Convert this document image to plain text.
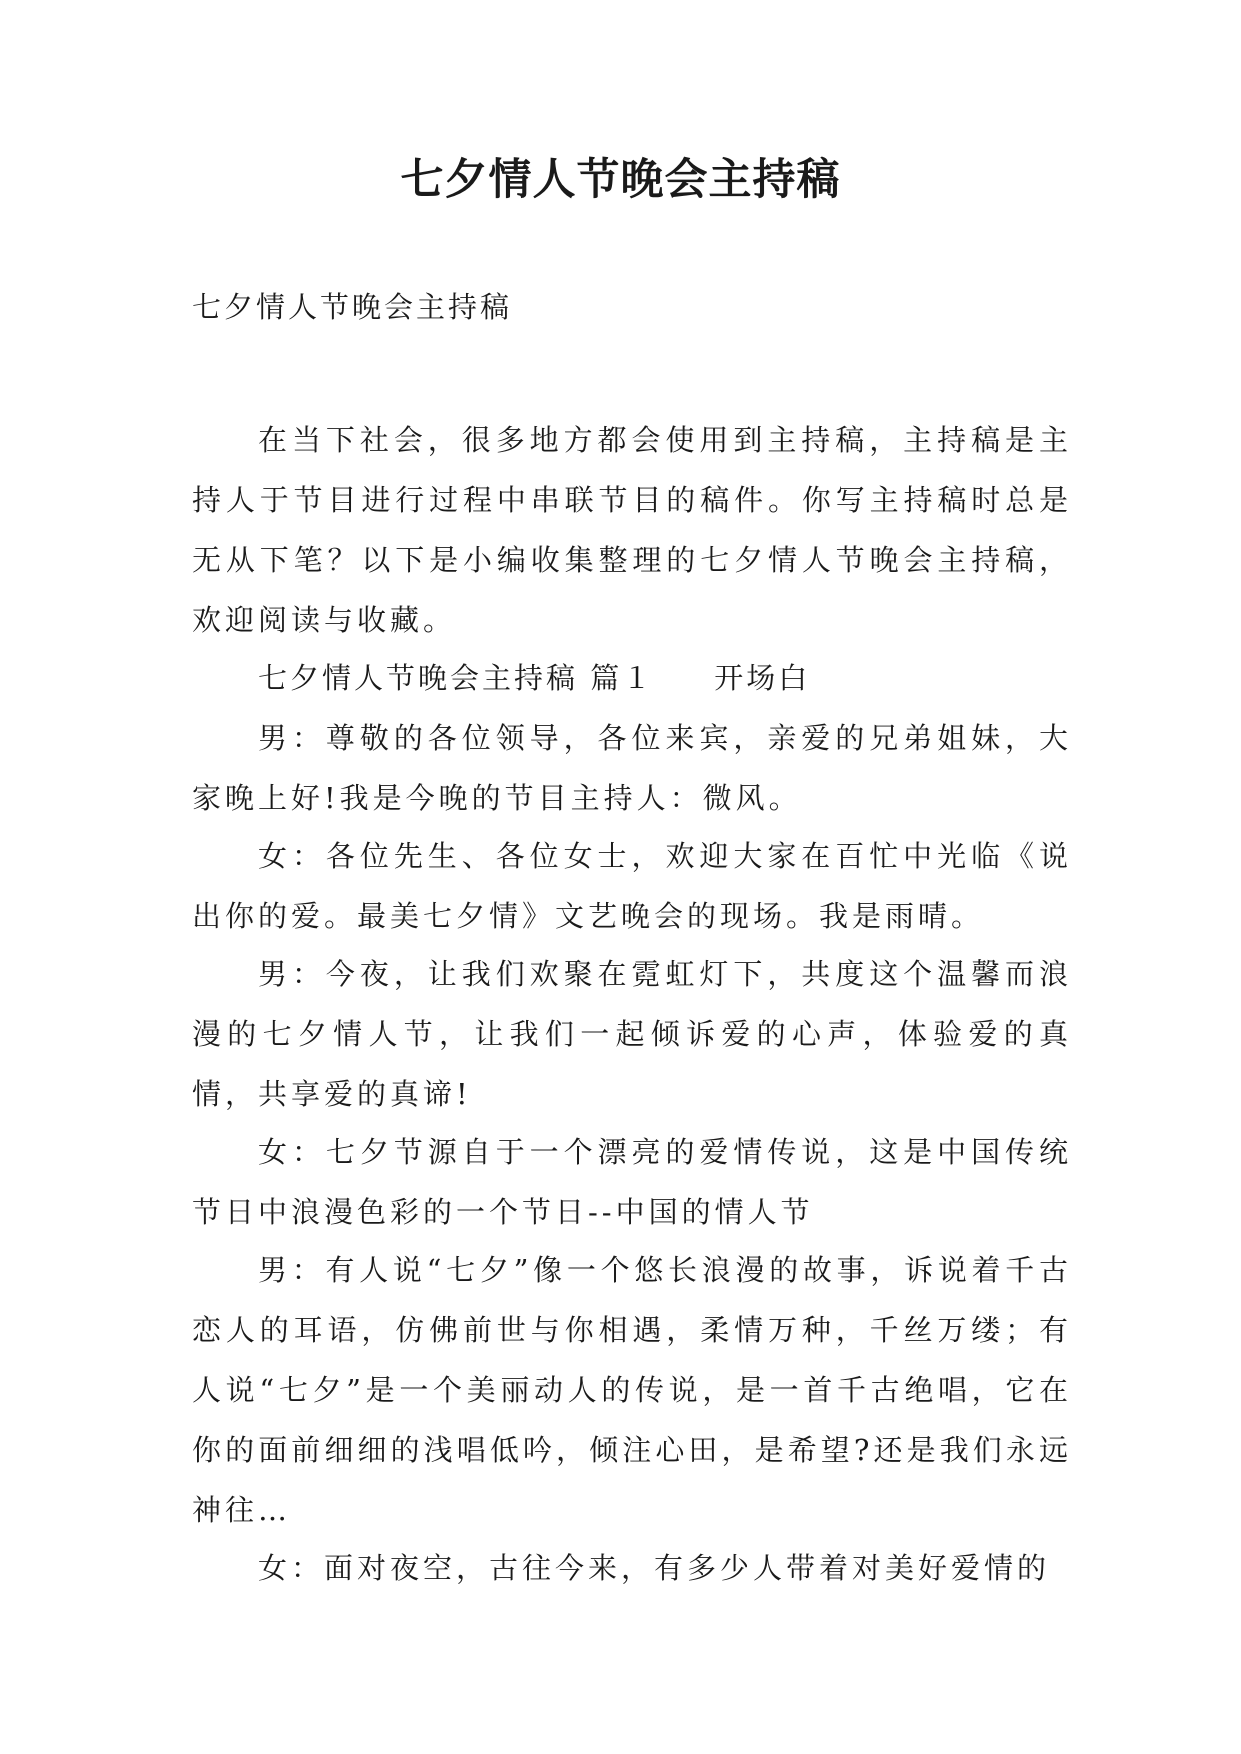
七夕情人节晚会主持稿

七夕情人节晚会主持稿

在当下社会，很多地方都会使用到主持稿，主持稿是主持人于节目进行过程中串联节目的稿件。你写主持稿时总是无从下笔？以下是小编收集整理的七夕情人节晚会主持稿，欢迎阅读与收藏。

七夕情人节晚会主持稿 篇１ 开场白

男：尊敬的各位领导，各位来宾，亲爱的兄弟姐妹，大家晚上好!我是今晚的节目主持人：微风。

女：各位先生、各位女士，欢迎大家在百忙中光临《说出你的爱。最美七夕情》文艺晚会的现场。我是雨晴。

男：今夜，让我们欢聚在霓虹灯下，共度这个温馨而浪漫的七夕情人节，让我们一起倾诉爱的心声，体验爱的真情，共享爱的真谛!

女：七夕节源自于一个漂亮的爱情传说，这是中国传统节日中浪漫色彩的一个节日--中国的情人节

男：有人说“七夕”像一个悠长浪漫的故事，诉说着千古恋人的耳语，仿佛前世与你相遇，柔情万种，千丝万缕；有人说“七夕”是一个美丽动人的传说，是一首千古绝唱，它在你的面前细细的浅唱低吟，倾注心田，是希望?还是我们永远神往…

女：面对夜空，古往今来，有多少人带着对美好爱情的
